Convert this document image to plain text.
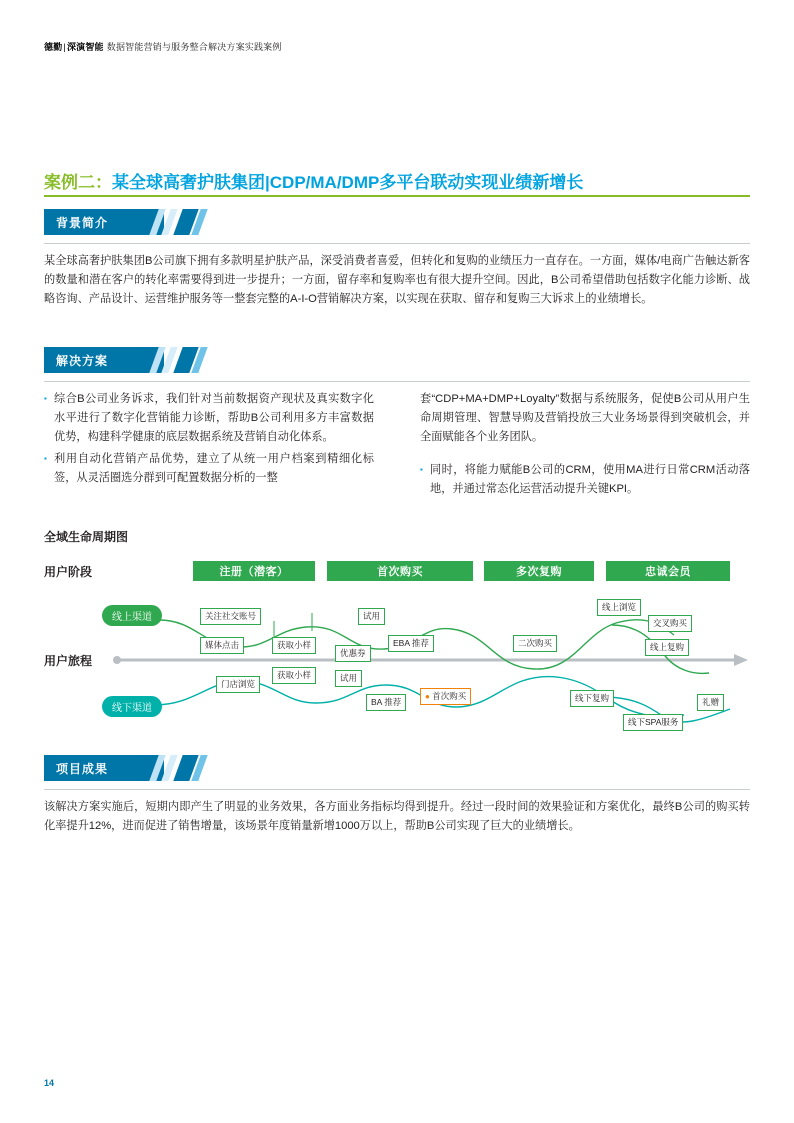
德勤|深演智能 数据智能营销与服务整合解决方案实践案例
案例二：某全球高奢护肤集团|CDP/MA/DMP多平台联动实现业绩新增长
背景简介
某全球高奢护肤集团B公司旗下拥有多款明星护肤产品，深受消费者喜爱，但转化和复购的业绩压力一直存在。一方面，媒体/电商广告触达新客的数量和潜在客户的转化率需要得到进一步提升；一方面，留存率和复购率也有很大提升空间。因此，B公司希望借助包括数字化能力诊断、战略咨询、产品设计、运营维护服务等一整套完整的A-I-O营销解决方案，以实现在获取、留存和复购三大诉求上的业绩增长。
解决方案
▪ 综合B公司业务诉求，我们针对当前数据资产现状及真实数字化水平进行了数字化营销能力诊断，帮助B公司利用多方丰富数据优势，构建科学健康的底层数据系统及营销自动化体系。
▪ 利用自动化营销产品优势，建立了从统一用户档案到精细化标签，从灵活圈选分群到可配置数据分析的一整
套“CDP+MA+DMP+Loyalty”数据与系统服务，促使B公司从用户生命周期管理、智慧导购及营销投放三大业务场景得到突破机会，并全面赋能各个业务团队。
▪ 同时，将能力赋能B公司的CRM，使用MA进行日常CRM活动落地，并通过常态化运营活动提升关键KPI。
全域生命周期图
用户阶段
用户旅程
注册（潜客）	首次购买	多次复购	忠诚会员
线上渠道
线下渠道
关注社交账号	试用
线上浏览
交叉购买
媒体点击	获取小样
优惠券
EBA 推荐	二次购买	线上复购
门店浏览
获取小样	试用
BA 推荐
● 首次购买	线下复购	礼赠
线下SPA服务
项目成果
该解决方案实施后，短期内即产生了明显的业务效果，各方面业务指标均得到提升。经过一段时间的效果验证和方案优化，最终B公司的购买转化率提升12%，进而促进了销售增量，该场景年度销量新增1000万以上，帮助B公司实现了巨大的业绩增长。
14
